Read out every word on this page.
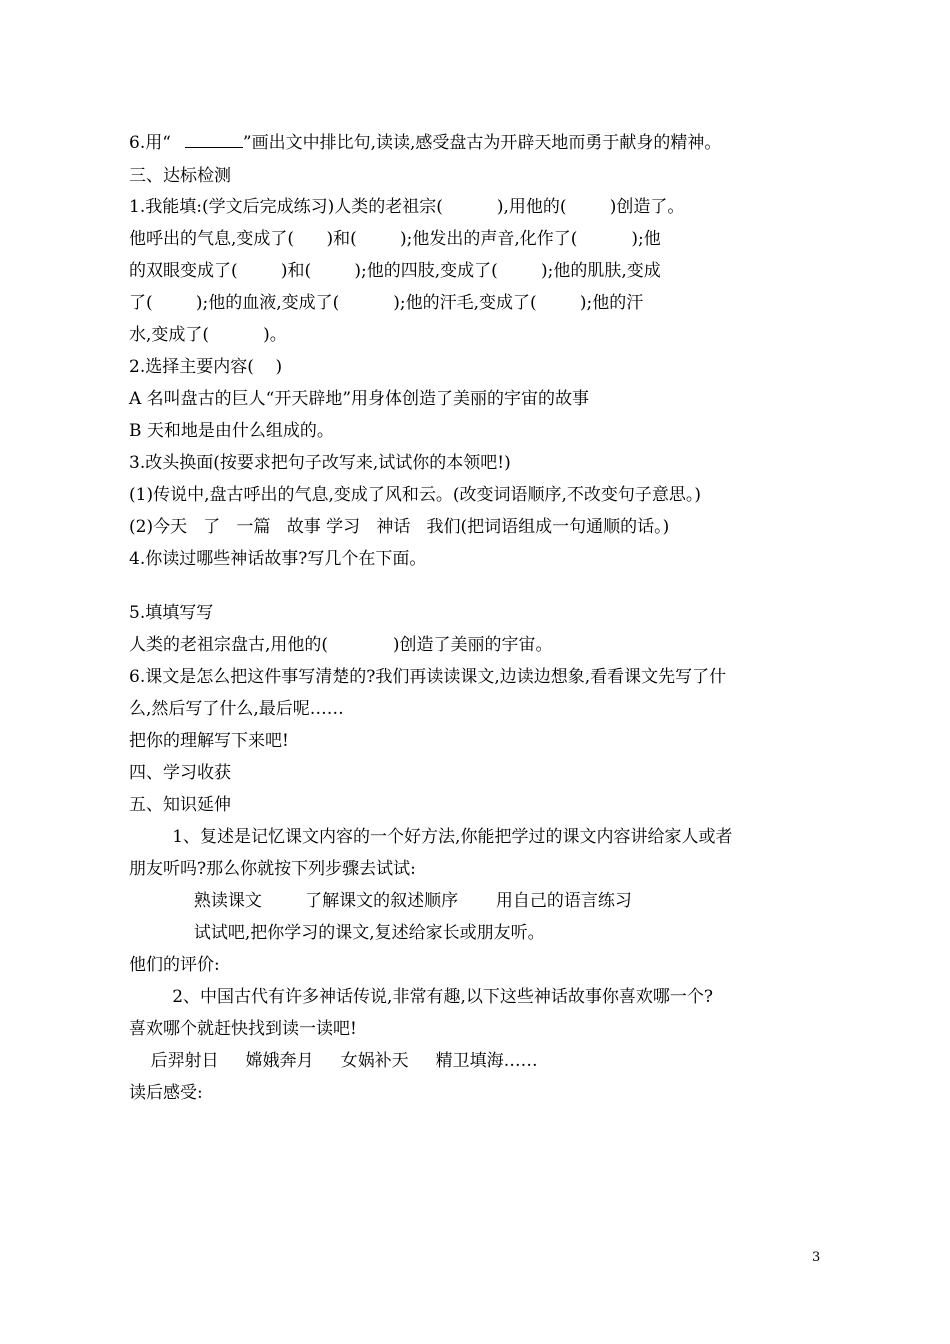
6.用“	”画出文中排比句,读读,感受盘古为开辟天地而勇于献身的精神。
三、达标检测
1.我能填:(学文后完成练习)人类的老祖宗(          ),用他的(        )创造了。
他呼出的气息,变成了(      )和(        );他发出的声音,化作了(          );他
的双眼变成了(        )和(        );他的四肢,变成了(        );他的肌肤,变成
了(        );他的血液,变成了(          );他的汗毛,变成了(        );他的汗
水,变成了(          )。
2.选择主要内容(    )
A 名叫盘古的巨人“开天辟地”用身体创造了美丽的宇宙的故事
B 天和地是由什么组成的。
3.改头换面(按要求把句子改写来,试试你的本领吧!)
(1)传说中,盘古呼出的气息,变成了风和云。(改变词语顺序,不改变句子意思。)
(2)今天   了   一篇   故事 学习   神话   我们(把词语组成一句通顺的话。)
4.你读过哪些神话故事?写几个在下面。
5.填填写写
人类的老祖宗盘古,用他的(            )创造了美丽的宇宙。
6.课文是怎么把这件事写清楚的?我们再读读课文,边读边想象,看看课文先写了什
么,然后写了什么,最后呢……
把你的理解写下来吧!
四、学习收获
五、知识延伸
1、复述是记忆课文内容的一个好方法,你能把学过的课文内容讲给家人或者
朋友听吗?那么你就按下列步骤去试试:
熟读课文        了解课文的叙述顺序       用自己的语言练习
试试吧,把你学习的课文,复述给家长或朋友听。
他们的评价:
2、中国古代有许多神话传说,非常有趣,以下这些神话故事你喜欢哪一个?
喜欢哪个就赶快找到读一读吧!
后羿射日     嫦娥奔月     女娲补天     精卫填海……
读后感受:
3
